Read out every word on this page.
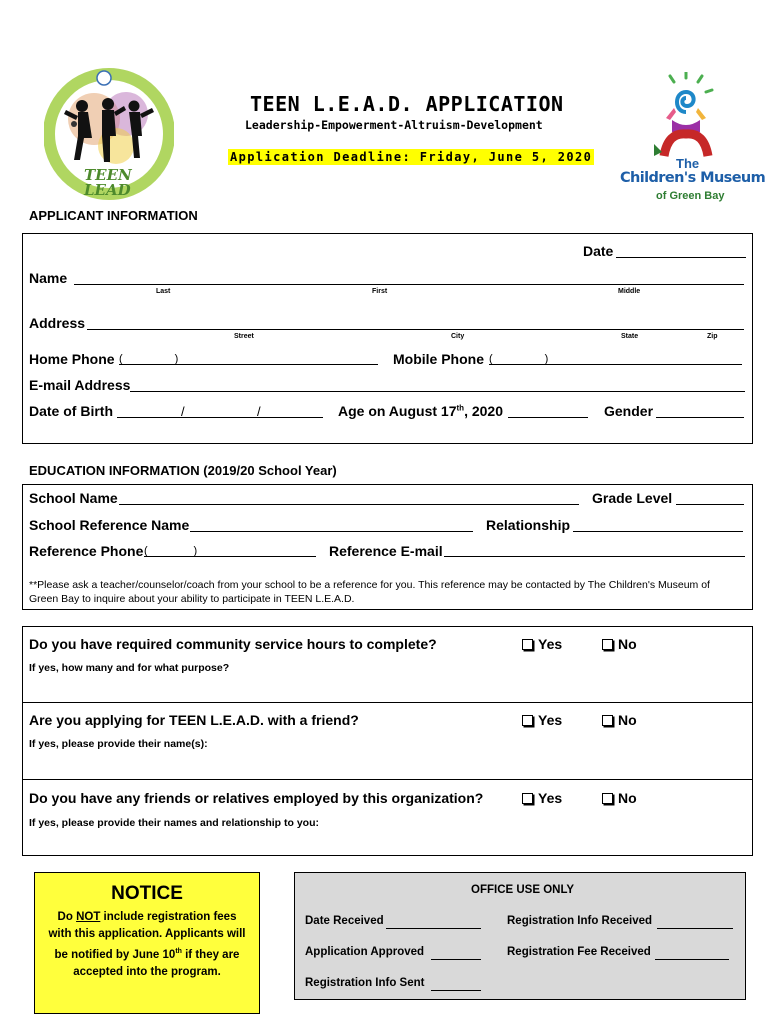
TEEN LEAD
TEEN L.E.A.D. APPLICATION
Leadership-Empowerment-Altruism-Development
Application Deadline: Friday, June 5, 2020	The
Children's Museum
of Green Bay
APPLICANT INFORMATION
Date
Name
Last	First	Middle
Address
Street	City	State	Zip
Home Phone (                 )	Mobile Phone (                 )
E-mail Address
Date of Birth	/	/	Age on August 17th, 2020	Gender
EDUCATION INFORMATION (2019/20 School Year)
School Name	Grade Level
School Reference Name	Relationship
Reference Phone (               )	Reference E-mail
**Please ask a teacher/counselor/coach from your school to be a reference for you. This reference may be contacted by The Children's Museum of Green Bay to inquire about your ability to participate in TEEN L.E.A.D.
Do you have required community service hours to complete?	Yes	No
If yes, how many and for what purpose?
Are you applying for TEEN L.E.A.D. with a friend?	Yes	No
If yes, please provide their name(s):
Do you have any friends or relatives employed by this organization?	Yes	No
If yes, please provide their names and relationship to you:
NOTICE
Do NOT include registration fees with this application. Applicants will be notified by June 10th if they are accepted into the program.
OFFICE USE ONLY
Date Received	Registration Info Received
Application Approved	Registration Fee Received
Registration Info Sent
